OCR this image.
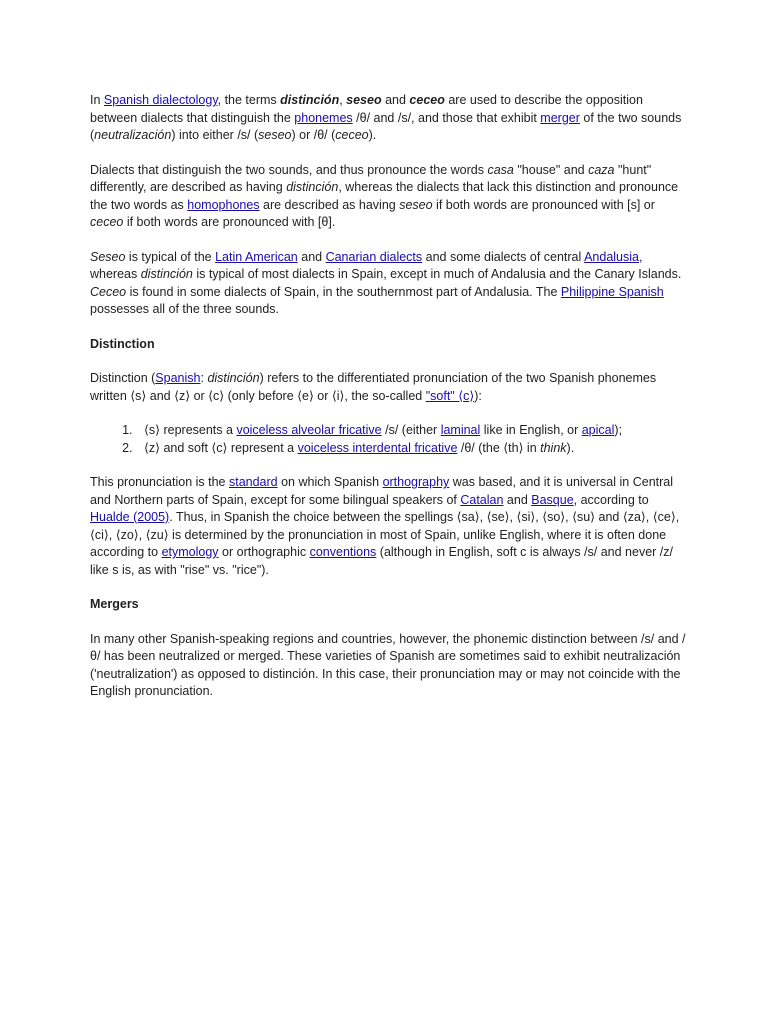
In Spanish dialectology, the terms distinción, seseo and ceceo are used to describe the opposition between dialects that distinguish the phonemes /θ/ and /s/, and those that exhibit merger of the two sounds (neutralización) into either /s/ (seseo) or /θ/ (ceceo).

Dialects that distinguish the two sounds, and thus pronounce the words casa "house" and caza "hunt" differently, are described as having distinción, whereas the dialects that lack this distinction and pronounce the two words as homophones are described as having seseo if both words are pronounced with [s] or ceceo if both words are pronounced with [θ].

Seseo is typical of the Latin American and Canarian dialects and some dialects of central Andalusia, whereas distinción is typical of most dialects in Spain, except in much of Andalusia and the Canary Islands. Ceceo is found in some dialects of Spain, in the southernmost part of Andalusia. The Philippine Spanish possesses all of the three sounds.

Distinction

Distinction (Spanish: distinción) refers to the differentiated pronunciation of the two Spanish phonemes written ⟨s⟩ and ⟨z⟩ or ⟨c⟩ (only before ⟨e⟩ or ⟨i⟩, the so-called "soft" ⟨c⟩):

1. ⟨s⟩ represents a voiceless alveolar fricative /s/ (either laminal like in English, or apical);
2. ⟨z⟩ and soft ⟨c⟩ represent a voiceless interdental fricative /θ/ (the ⟨th⟩ in think).

This pronunciation is the standard on which Spanish orthography was based, and it is universal in Central and Northern parts of Spain, except for some bilingual speakers of Catalan and Basque, according to Hualde (2005). Thus, in Spanish the choice between the spellings ⟨sa⟩, ⟨se⟩, ⟨si⟩, ⟨so⟩, ⟨su⟩ and ⟨za⟩, ⟨ce⟩, ⟨ci⟩, ⟨zo⟩, ⟨zu⟩ is determined by the pronunciation in most of Spain, unlike English, where it is often done according to etymology or orthographic conventions (although in English, soft c is always /s/ and never /z/ like s is, as with "rise" vs. "rice").

Mergers

In many other Spanish-speaking regions and countries, however, the phonemic distinction between /s/ and /θ/ has been neutralized or merged. These varieties of Spanish are sometimes said to exhibit neutralización ('neutralization') as opposed to distinción. In this case, their pronunciation may or may not coincide with the English pronunciation.
